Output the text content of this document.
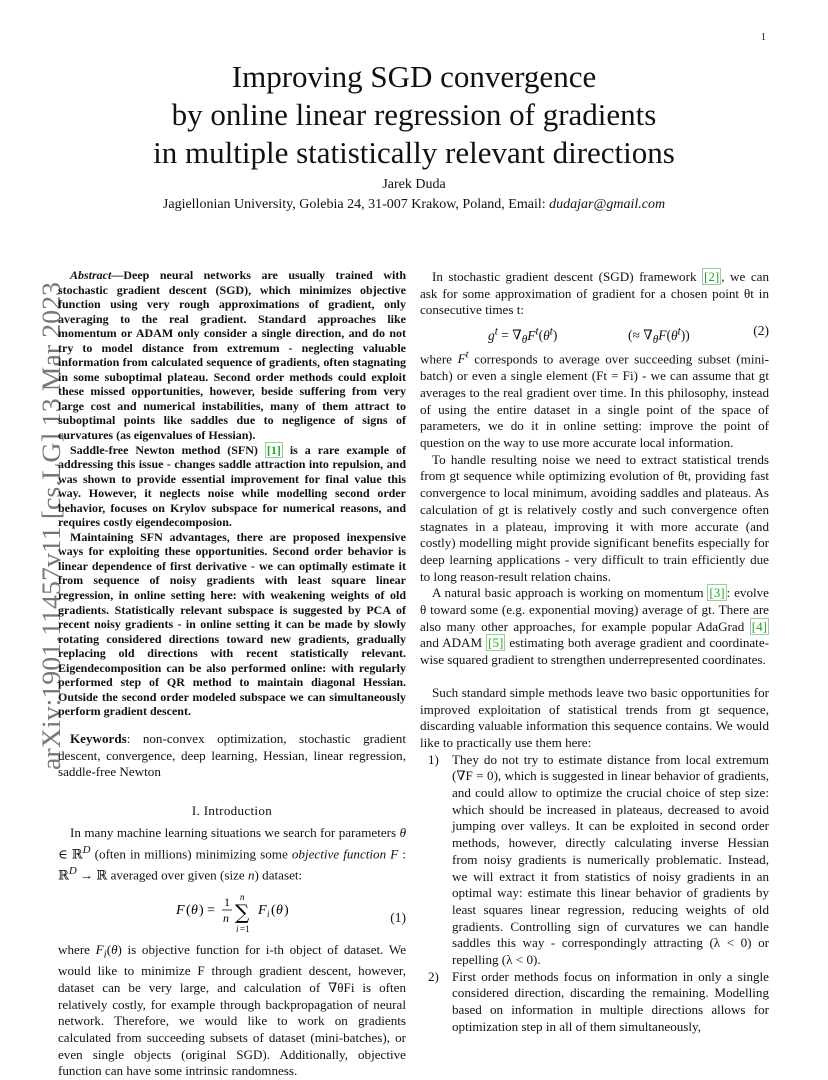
1
Improving SGD convergence
by online linear regression of gradients
in multiple statistically relevant directions
Jarek Duda
Jagiellonian University, Golebia 24, 31-007 Krakow, Poland, Email: dudajar@gmail.com
arXiv:1901.11457v11 [cs.LG] 13 Mar 2023

Abstract—Deep neural networks are usually trained with stochastic gradient descent (SGD), which minimizes objective function using very rough approximations of gradient, only averaging to the real gradient. Standard approaches like momentum or ADAM only consider a single direction, and do not try to model distance from extremum - neglecting valuable information from calculated sequence of gradients, often stagnating in some suboptimal plateau. Second order methods could exploit these missed opportunities, however, beside suffering from very large cost and numerical instabilities, many of them attract to suboptimal points like saddles due to negligence of signs of curvatures (as eigenvalues of Hessian).

Saddle-free Newton method (SFN) [1] is a rare example of addressing this issue - changes saddle attraction into repulsion, and was shown to provide essential improvement for final value this way. However, it neglects noise while modelling second order behavior, focuses on Krylov subspace for numerical reasons, and requires costly eigendecomposion.

Maintaining SFN advantages, there are proposed inexpensive ways for exploiting these opportunities. Second order behavior is linear dependence of first derivative - we can optimally estimate it from sequence of noisy gradients with least square linear regression, in online setting here: with weakening weights of old gradients. Statistically relevant subspace is suggested by PCA of recent noisy gradients - in online setting it can be made by slowly rotating considered directions toward new gradients, gradually replacing old directions with recent statistically relevant. Eigendecomposition can be also performed online: with regularly performed step of QR method to maintain diagonal Hessian. Outside the second order modeled subspace we can simultaneously perform gradient descent.

Keywords: non-convex optimization, stochastic gradient descent, convergence, deep learning, Hessian, linear regression, saddle-free Newton

I. Introduction

In many machine learning situations we search for parameters θ ∈ ℝ$^D$ (often in millions) minimizing some objective function F : ℝ$^D$ → ℝ averaged over given (size n) dataset:

F ( θ ) =
1
n
n
∑
i =1
F i ( θ )	(1)

where $F_i(\theta)$ is objective function for i-th object of dataset. We would like to minimize F through gradient descent, however, dataset can be very large, and calculation of ∇θFi is often relatively costly, for example through backpropagation of neural network. Therefore, we would like to work on gradients calculated from succeeding subsets of dataset (mini-batches), or even single objects (original SGD). Additionally, objective function can have some intrinsic randomness.

In stochastic gradient descent (SGD) framework [2] , we can ask for some approximation of gradient for a chosen point θt in consecutive times t:

$g^t = \nabla_\theta F^t(\theta^t)$	(≈ $\nabla_\theta F(\theta^t)$)	(2)

where $F^t$ corresponds to average over succeeding subset (mini-batch) or even a single element (Ft = Fi) - we can assume that gt averages to the real gradient over time. In this philosophy, instead of using the entire dataset in a single point of the space of parameters, we do it in online setting: improve the point of question on the way to use more accurate local information.

To handle resulting noise we need to extract statistical trends from gt sequence while optimizing evolution of θt, providing fast convergence to local minimum, avoiding saddles and plateaus. As calculation of gt is relatively costly and such convergence often stagnates in a plateau, improving it with more accurate (and costly) modelling might provide significant benefits especially for deep learning applications - very difficult to train efficiently due to long reason-result relation chains.

A natural basic approach is working on momentum [3] : evolve θ toward some (e.g. exponential moving) average of gt. There are also many other approaches, for example popular AdaGrad [4] and ADAM [5] estimating both average gradient and coordinate-wise squared gradient to strengthen underrepresented coordinates.

Such standard simple methods leave two basic opportunities for improved exploitation of statistical trends from gt sequence, discarding valuable information this sequence contains. We would like to practically use them here:

1) They do not try to estimate distance from local extremum (∇F = 0), which is suggested in linear behavior of gradients, and could allow to optimize the crucial choice of step size: which should be increased in plateaus, decreased to avoid jumping over valleys. It can be exploited in second order methods, however, directly calculating inverse Hessian from noisy gradients is numerically problematic. Instead, we will extract it from statistics of noisy gradients in an optimal way: estimate this linear behavior of gradients by least squares linear regression, reducing weights of old gradients. Controlling sign of curvatures we can handle saddles this way - correspondingly attracting (λ < 0) or repelling (λ < 0).
2) First order methods focus on information in only a single considered direction, discarding the remaining. Modelling based on information in multiple directions allows for optimization step in all of them simultaneously,
